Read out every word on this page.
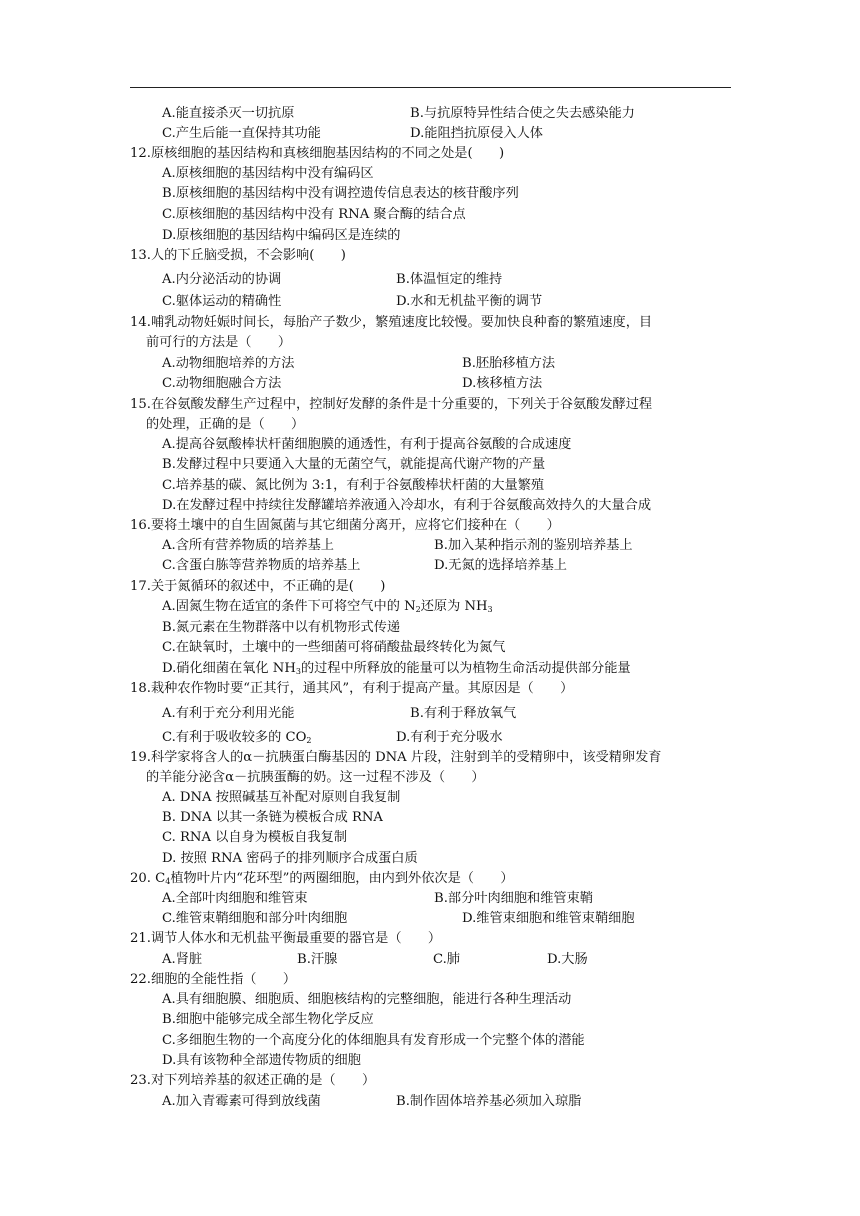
A.能直接杀灭一切抗原	B.与抗原特异性结合使之失去感染能力
C.产生后能一直保持其功能	D.能阻挡抗原侵入人体
12.原核细胞的基因结构和真核细胞基因结构的不同之处是(　　)
A.原核细胞的基因结构中没有编码区
B.原核细胞的基因结构中没有调控遗传信息表达的核苷酸序列
C.原核细胞的基因结构中没有 RNA 聚合酶的结合点
D.原核细胞的基因结构中编码区是连续的
13.人的下丘脑受损，不会影响(　　)
A.内分泌活动的协调	B.体温恒定的维持
C.躯体运动的精确性	D.水和无机盐平衡的调节
14.哺乳动物妊娠时间长，每胎产子数少，繁殖速度比较慢。要加快良种畜的繁殖速度，目
前可行的方法是（　　）
A.动物细胞培养的方法	B.胚胎移植方法
C.动物细胞融合方法	D.核移植方法
15.在谷氨酸发酵生产过程中，控制好发酵的条件是十分重要的，下列关于谷氨酸发酵过程
的处理，正确的是（　　）
A.提高谷氨酸棒状杆菌细胞膜的通透性，有利于提高谷氨酸的合成速度
B.发酵过程中只要通入大量的无菌空气，就能提高代谢产物的产量
C.培养基的碳、氮比例为 3:1，有利于谷氨酸棒状杆菌的大量繁殖
D.在发酵过程中持续往发酵罐培养液通入冷却水，有利于谷氨酸高效持久的大量合成
16.要将土壤中的自生固氮菌与其它细菌分离开，应将它们接种在（　　）
A.含所有营养物质的培养基上	B.加入某种指示剂的鉴别培养基上
C.含蛋白胨等营养物质的培养基上	D.无氮的选择培养基上
17.关于氮循环的叙述中，不正确的是(　　)
A.固氮生物在适宜的条件下可将空气中的 $N_2$还原为 $NH_3$
B.氮元素在生物群落中以有机物形式传递
C.在缺氧时，土壤中的一些细菌可将硝酸盐最终转化为氮气
D.硝化细菌在氧化 $NH_3$的过程中所释放的能量可以为植物生命活动提供部分能量
18.栽种农作物时要“正其行，通其风”，有利于提高产量。其原因是（　　）
A.有利于充分利用光能	B.有利于释放氧气
C.有利于吸收较多的 $CO_2$	D.有利于充分吸水
19.科学家将含人的α－抗胰蛋白酶基因的 DNA 片段，注射到羊的受精卵中，该受精卵发育
的羊能分泌含α－抗胰蛋酶的奶。这一过程不涉及（　　）
A. DNA 按照碱基互补配对原则自我复制
B. DNA 以其一条链为模板合成 RNA
C. RNA 以自身为模板自我复制
D. 按照 RNA 密码子的排列顺序合成蛋白质
20. $C_4$植物叶片内“花环型”的两圈细胞，由内到外依次是（　　）
A.全部叶肉细胞和维管束	B.部分叶肉细胞和维管束鞘
C.维管束鞘细胞和部分叶肉细胞	D.维管束细胞和维管束鞘细胞
21.调节人体水和无机盐平衡最重要的器官是（　　）
A.肾脏	B.汗腺	C.肺	D.大肠
22.细胞的全能性指（　　）
A.具有细胞膜、细胞质、细胞核结构的完整细胞，能进行各种生理活动
B.细胞中能够完成全部生物化学反应
C.多细胞生物的一个高度分化的体细胞具有发育形成一个完整个体的潜能
D.具有该物种全部遗传物质的细胞
23.对下列培养基的叙述正确的是（　　）
A.加入青霉素可得到放线菌	B.制作固体培养基必须加入琼脂
